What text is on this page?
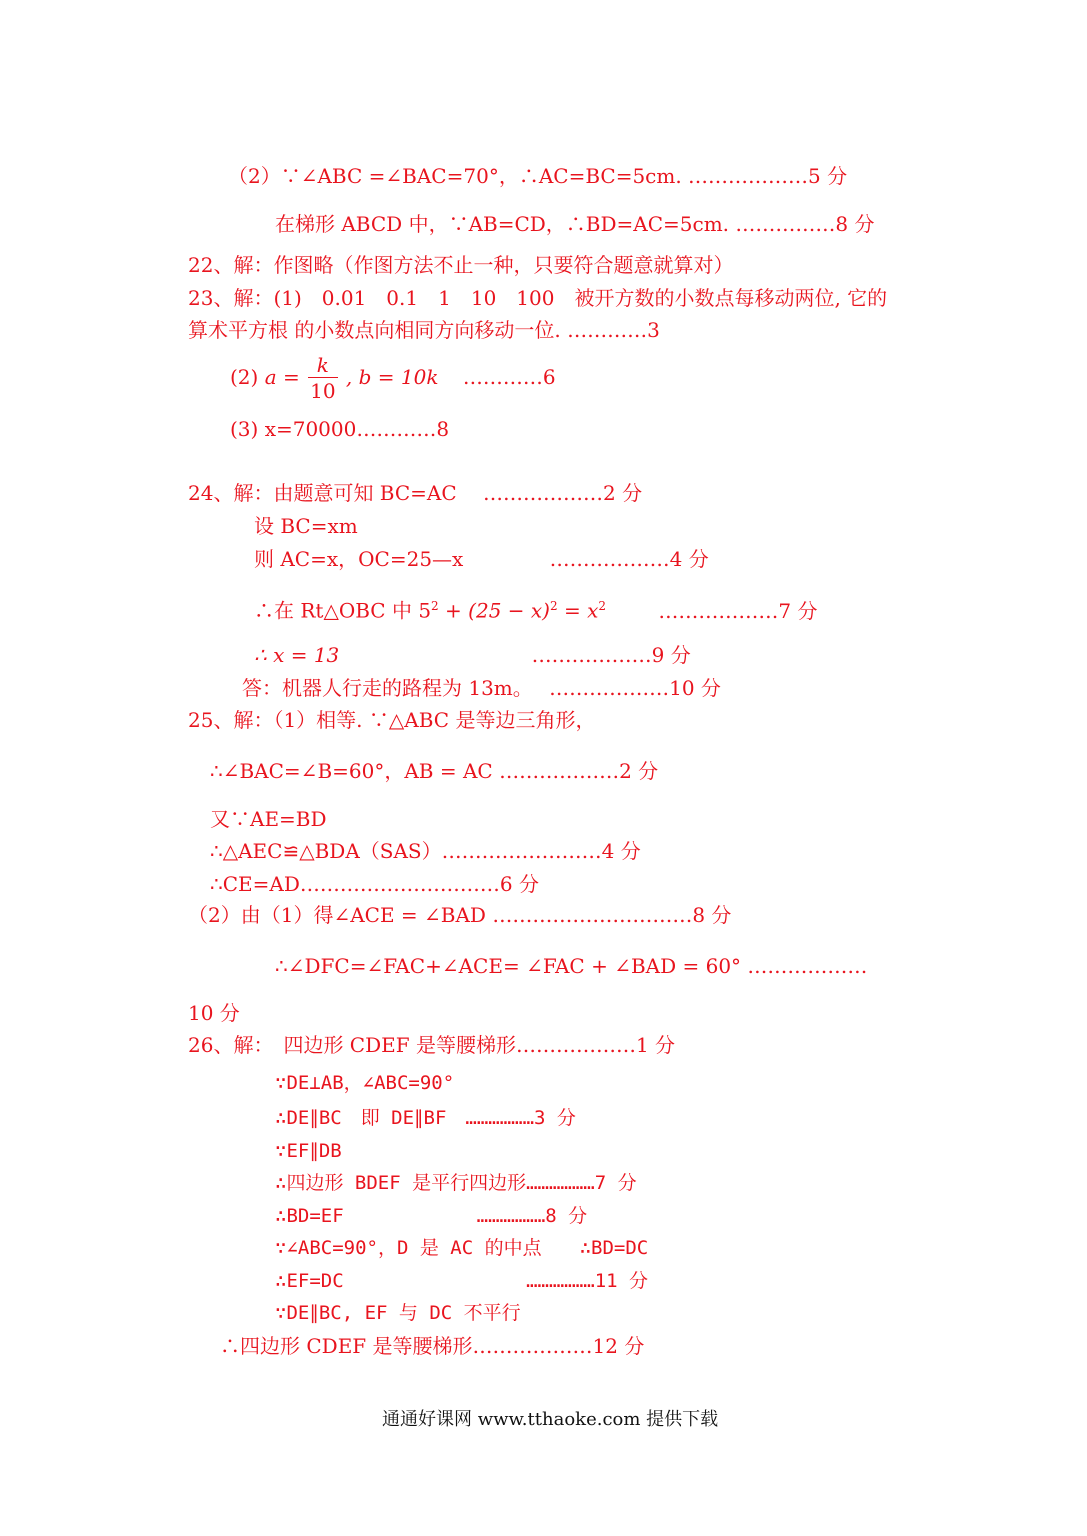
（2）∵∠ABC =∠BAC=70°，∴AC=BC=5cm. ………………5 分
在梯形 ABCD 中，∵AB=CD，∴BD=AC=5cm. ……………8 分
22、解：作图略（作图方法不止一种，只要符合题意就算对）
23、解：(1)　0.01　0.1　1　10　100　被开方数的小数点每移动两位, 它的
算术平方根 的小数点向相同方向移动一位. …………3
(2) $a = \frac{k}{10}$ , b = 10k …………6
(3) x=70000…………8
24、解：由题意可知 BC=AC　 ………………2 分
设 BC=xm
则 AC=x，OC=25—x　　　　 ………………4 分
∴在 Rt△OBC 中 $5^2 + (25 - x)^2 = x^2$	………………7 分
∴ x = 13	………………9 分
答：机器人行走的路程为 13m。　 ………………10 分
25、解：（1）相等. ∵△ABC 是等边三角形，
∴∠BAC=∠B=60°，AB = AC ………………2 分
又∵AE=BD
∴△AEC≌△BDA（SAS）……………………4 分
∴CE=AD…………………………6 分
（2）由（1）得∠ACE = ∠BAD …………………………8 分
∴∠DFC=∠FAC+∠ACE= ∠FAC + ∠BAD = 60° ………………
10 分
26、解：　四边形 CDEF 是等腰梯形………………1 分
∵DE⊥AB，∠ABC=90°
∴DE∥BC　即 DE∥BF　………………3 分
∵EF∥DB
∴四边形 BDEF 是平行四边形………………7 分
∴BD=EF　　　　　　　………………8 分
∵∠ABC=90°，D 是 AC 的中点　　∴BD=DC
∴EF=DC　　　　　　　　　 ………………11 分
∵DE∥BC, EF 与 DC 不平行
∴四边形 CDEF 是等腰梯形………………12 分
通通好课网 www.tthaoke.com 提供下载
